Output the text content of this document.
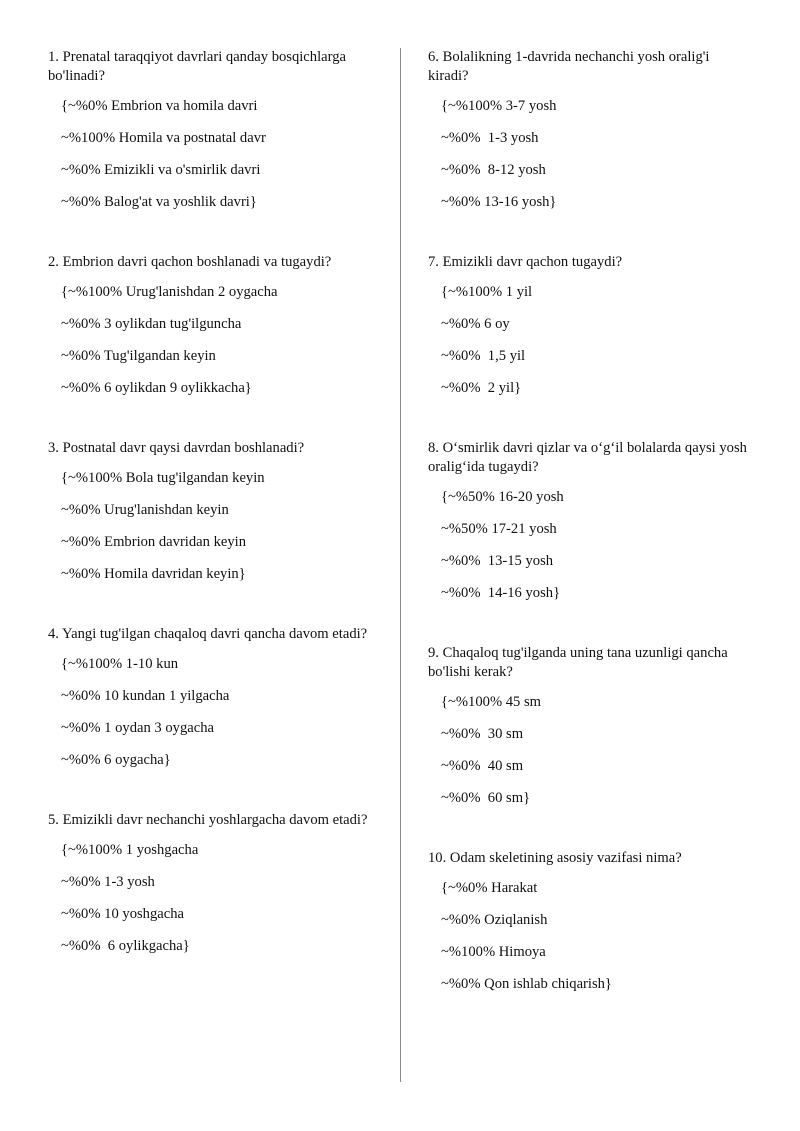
1. Prenatal taraqqiyot davrlari qanday bosqichlarga bo'linadi?

{~%0% Embrion va homila davri

~%100% Homila va postnatal davr

~%0% Emizikli va o'smirlik davri

~%0% Balog'at va yoshlik davri}

2. Embrion davri qachon boshlanadi va tugaydi?

{~%100% Urug'lanishdan 2 oygacha

~%0% 3 oylikdan tug'ilguncha

~%0% Tug'ilgandan keyin

~%0% 6 oylikdan 9 oylikkacha}

3. Postnatal davr qaysi davrdan boshlanadi?

{~%100% Bola tug'ilgandan keyin

~%0% Urug'lanishdan keyin

~%0% Embrion davridan keyin

~%0% Homila davridan keyin}

4. Yangi tug'ilgan chaqaloq davri qancha davom etadi?

{~%100% 1-10 kun

~%0% 10 kundan 1 yilgacha

~%0% 1 oydan 3 oygacha

~%0% 6 oygacha}

5. Emizikli davr nechanchi yoshlargacha davom etadi?

{~%100% 1 yoshgacha

~%0% 1-3 yosh

~%0% 10 yoshgacha

~%0%  6 oylikgacha}

6. Bolalikning 1-davrida nechanchi yosh oralig'i kiradi?

{~%100% 3-7 yosh

~%0%  1-3 yosh

~%0%  8-12 yosh

~%0% 13-16 yosh}

7. Emizikli davr qachon tugaydi?

{~%100% 1 yil

~%0% 6 oy

~%0%  1,5 yil

~%0%  2 yil}

8. O‘smirlik davri qizlar va o‘g‘il bolalarda qaysi yosh oralig‘ida tugaydi?

{~%50% 16-20 yosh

~%50% 17-21 yosh

~%0%  13-15 yosh

~%0%  14-16 yosh}

9. Chaqaloq tug'ilganda uning tana uzunligi qancha bo'lishi kerak?

{~%100% 45 sm

~%0%  30 sm

~%0%  40 sm

~%0%  60 sm}

10. Odam skeletining asosiy vazifasi nima?

{~%0% Harakat

~%0% Oziqlanish

~%100% Himoya

~%0% Qon ishlab chiqarish}
